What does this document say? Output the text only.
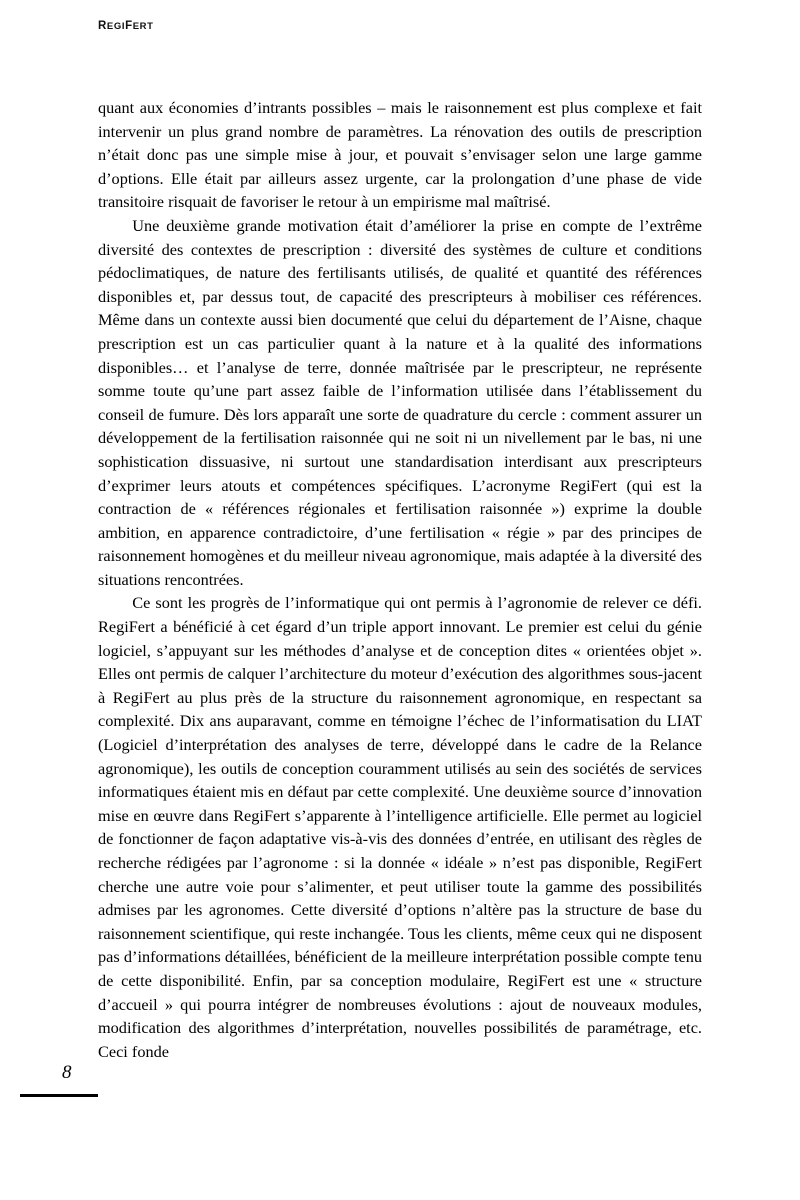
REGIFERT

quant aux économies d’intrants possibles – mais le raisonnement est plus complexe et fait intervenir un plus grand nombre de paramètres. La rénovation des outils de prescription n’était donc pas une simple mise à jour, et pouvait s’envisager selon une large gamme d’options. Elle était par ailleurs assez urgente, car la prolongation d’une phase de vide transitoire risquait de favoriser le retour à un empirisme mal maîtrisé.

Une deuxième grande motivation était d’améliorer la prise en compte de l’extrême diversité des contextes de prescription : diversité des systèmes de culture et conditions pédoclimatiques, de nature des fertilisants utilisés, de qualité et quantité des références disponibles et, par dessus tout, de capacité des prescripteurs à mobiliser ces références. Même dans un contexte aussi bien documenté que celui du département de l’Aisne, chaque prescription est un cas particulier quant à la nature et à la qualité des informations disponibles… et l’analyse de terre, donnée maîtrisée par le prescripteur, ne représente somme toute qu’une part assez faible de l’information utilisée dans l’établissement du conseil de fumure. Dès lors apparaît une sorte de quadrature du cercle : comment assurer un développement de la fertilisation raisonnée qui ne soit ni un nivellement par le bas, ni une sophistication dissuasive, ni surtout une standardisation interdisant aux prescripteurs d’exprimer leurs atouts et compétences spécifiques. L’acronyme RegiFert (qui est la contraction de « références régionales et fertilisation raisonnée ») exprime la double ambition, en apparence contradictoire, d’une fertilisation « régie » par des principes de raisonnement homogènes et du meilleur niveau agronomique, mais adaptée à la diversité des situations rencontrées.

Ce sont les progrès de l’informatique qui ont permis à l’agronomie de relever ce défi. RegiFert a bénéficié à cet égard d’un triple apport innovant. Le premier est celui du génie logiciel, s’appuyant sur les méthodes d’analyse et de conception dites « orientées objet ». Elles ont permis de calquer l’architecture du moteur d’exécution des algorithmes sous-jacent à RegiFert au plus près de la structure du raisonnement agronomique, en respectant sa complexité. Dix ans auparavant, comme en témoigne l’échec de l’informatisation du LIAT (Logiciel d’interprétation des analyses de terre, développé dans le cadre de la Relance agronomique), les outils de conception couramment utilisés au sein des sociétés de services informatiques étaient mis en défaut par cette complexité. Une deuxième source d’innovation mise en œuvre dans RegiFert s’apparente à l’intelligence artificielle. Elle permet au logiciel de fonctionner de façon adaptative vis-à-vis des données d’entrée, en utilisant des règles de recherche rédigées par l’agronome : si la donnée « idéale » n’est pas disponible, RegiFert cherche une autre voie pour s’alimenter, et peut utiliser toute la gamme des possibilités admises par les agronomes. Cette diversité d’options n’altère pas la structure de base du raisonnement scientifique, qui reste inchangée. Tous les clients, même ceux qui ne disposent pas d’informations détaillées, bénéficient de la meilleure interprétation possible compte tenu de cette disponibilité. Enfin, par sa conception modulaire, RegiFert est une « structure d’accueil » qui pourra intégrer de nombreuses évolutions : ajout de nouveaux modules, modification des algorithmes d’interprétation, nouvelles possibilités de paramétrage, etc. Ceci fonde

8
